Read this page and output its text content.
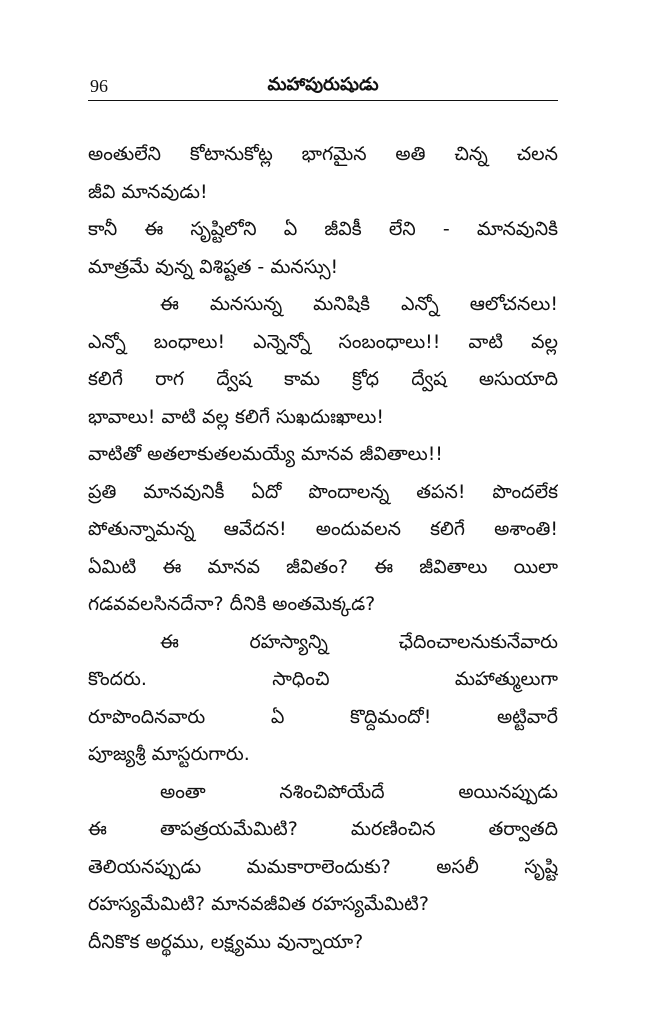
96	మహాపురుషుడు
అంతులేని కోటానుకోట్ల భాగమైన అతి చిన్న చలన
జీవి మానవుడు!
కానీ ఈ సృష్టిలోని ఏ జీవికీ లేని - మానవునికి
మాత్రమే వున్న విశిష్టత - మనస్సు!
ఈ మనసున్న మనిషికి ఎన్నో ఆలోచనలు!
ఎన్నో బంధాలు! ఎన్నెన్నో సంబంధాలు!! వాటి వల్ల
కలిగే రాగ ద్వేష కామ క్రోధ ద్వేష అసుయాది
భావాలు! వాటి వల్ల కలిగే సుఖదుఃఖాలు!
వాటితో అతలాకుతలమయ్యే మానవ జీవితాలు!!
ప్రతి మానవునికీ ఏదో పొందాలన్న తపన! పొందలేక
పోతున్నామన్న ఆవేదన! అందువలన కలిగే అశాంతి!
ఏమిటి ఈ మానవ జీవితం? ఈ జీవితాలు యిలా
గడవవలసినదేనా? దీనికి అంతమెక్కడ?
ఈ రహస్యాన్ని ఛేదించాలనుకునేవారు
కొందరు. సాధించి మహాత్ములుగా
రూపొందినవారు ఏ కొద్దిమందో! అట్టివారే
పూజ్యశ్రీ మాస్టరుగారు.
అంతా నశించిపోయేదే అయినప్పుడు
ఈ తాపత్రయమేమిటి? మరణించిన తర్వాతది
తెలియనప్పుడు మమకారాలెందుకు? అసలీ సృష్టి
రహస్యమేమిటి? మానవజీవిత రహస్యమేమిటి?
దీనికొక అర్థము, లక్ష్యము వున్నాయా?
